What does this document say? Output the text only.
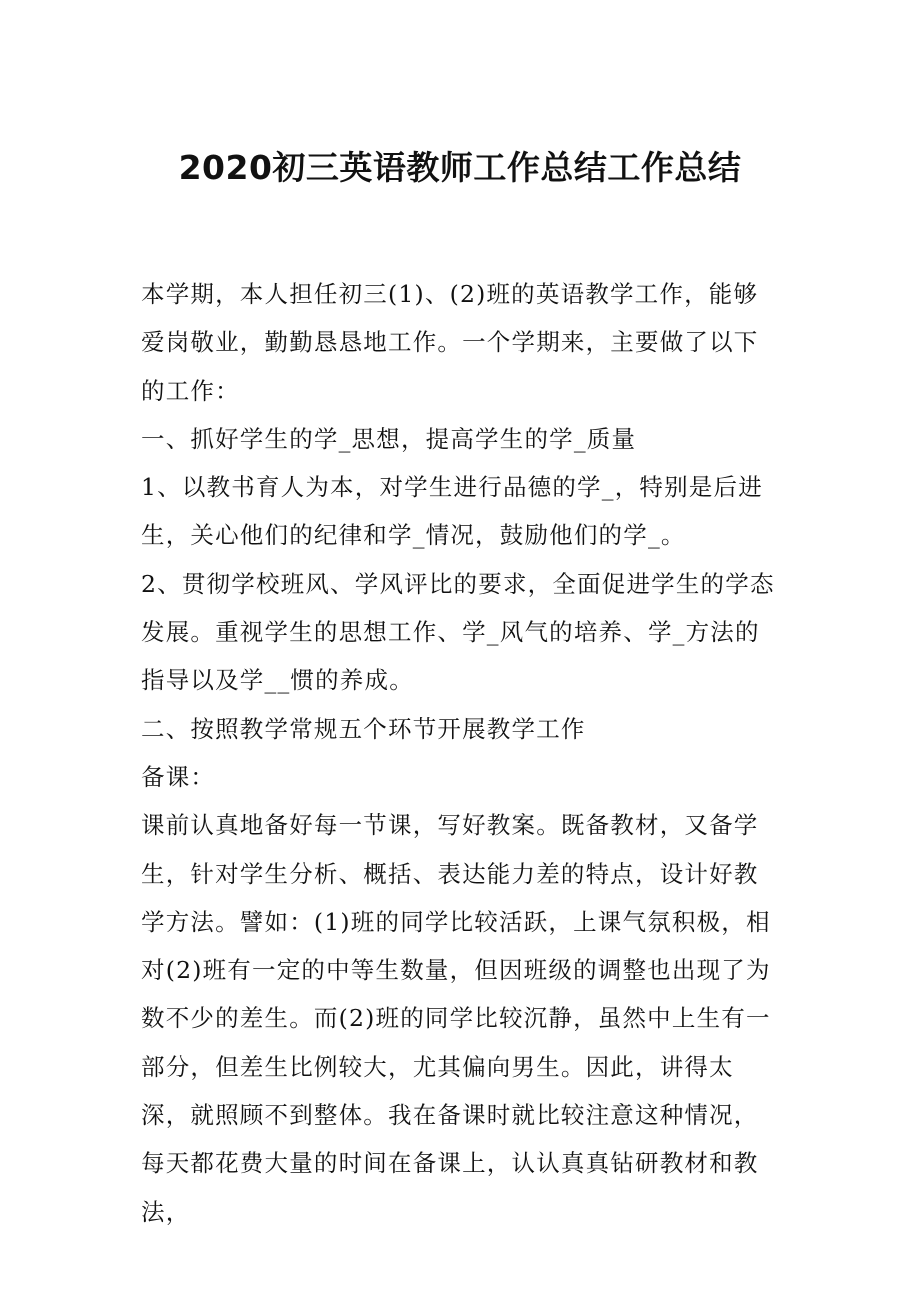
2020初三英语教师工作总结工作总结

本学期，本人担任初三(1)、(2)班的英语教学工作，能够爱岗敬业，勤勤恳恳地工作。一个学期来，主要做了以下的工作：

一、抓好学生的学_思想，提高学生的学_质量

1、以教书育人为本，对学生进行品德的学_，特别是后进生，关心他们的纪律和学_情况，鼓励他们的学_。

2、贯彻学校班风、学风评比的要求，全面促进学生的学态发展。重视学生的思想工作、学_风气的培养、学_方法的指导以及学__惯的养成。

二、按照教学常规五个环节开展教学工作

备课：

课前认真地备好每一节课，写好教案。既备教材，又备学生，针对学生分析、概括、表达能力差的特点，设计好教学方法。譬如：(1)班的同学比较活跃，上课气氛积极，相对(2)班有一定的中等生数量，但因班级的调整也出现了为数不少的差生。而(2)班的同学比较沉静，虽然中上生有一部分，但差生比例较大，尤其偏向男生。因此，讲得太深，就照顾不到整体。我在备课时就比较注意这种情况，每天都花费大量的时间在备课上，认认真真钻研教材和教法，
